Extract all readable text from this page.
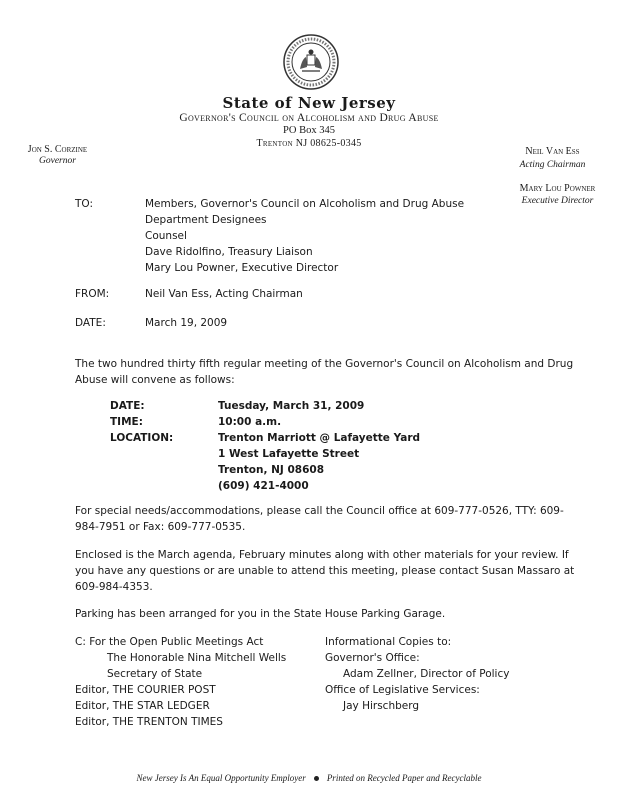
State of New Jersey
Governor's Council on Alcoholism and Drug Abuse
PO Box 345
Trenton NJ 08625-0345
Jon S. Corzine
Governor
Neil Van Ess
Acting Chairman
Mary Lou Powner
Executive Director
TO:	Members, Governor's Council on Alcoholism and Drug Abuse
Department Designees
Counsel
Dave Ridolfino, Treasury Liaison
Mary Lou Powner, Executive Director
FROM:	Neil Van Ess, Acting Chairman
DATE:	March 19, 2009
The two hundred thirty fifth regular meeting of the Governor's Council on Alcoholism and Drug
Abuse will convene as follows:
DATE:	Tuesday, March 31, 2009
TIME:	10:00 a.m.
LOCATION:	Trenton Marriott @ Lafayette Yard
1 West Lafayette Street
Trenton, NJ 08608
(609) 421-4000
For special needs/accommodations, please call the Council office at 609-777-0526, TTY: 609-
984-7951 or Fax: 609-777-0535.
Enclosed is the March agenda, February minutes along with other materials for your review. If
you have any questions or are unable to attend this meeting, please contact Susan Massaro at
609-984-4353.
Parking has been arranged for you in the State House Parking Garage.
C: For the Open Public Meetings Act
The Honorable Nina Mitchell Wells
Secretary of State
Editor, THE COURIER POST
Editor, THE STAR LEDGER
Editor, THE TRENTON TIMES
Informational Copies to:
Governor's Office:
Adam Zellner, Director of Policy
Office of Legislative Services:
Jay Hirschberg
New Jersey Is An Equal Opportunity Employer Printed on Recycled Paper and Recyclable
